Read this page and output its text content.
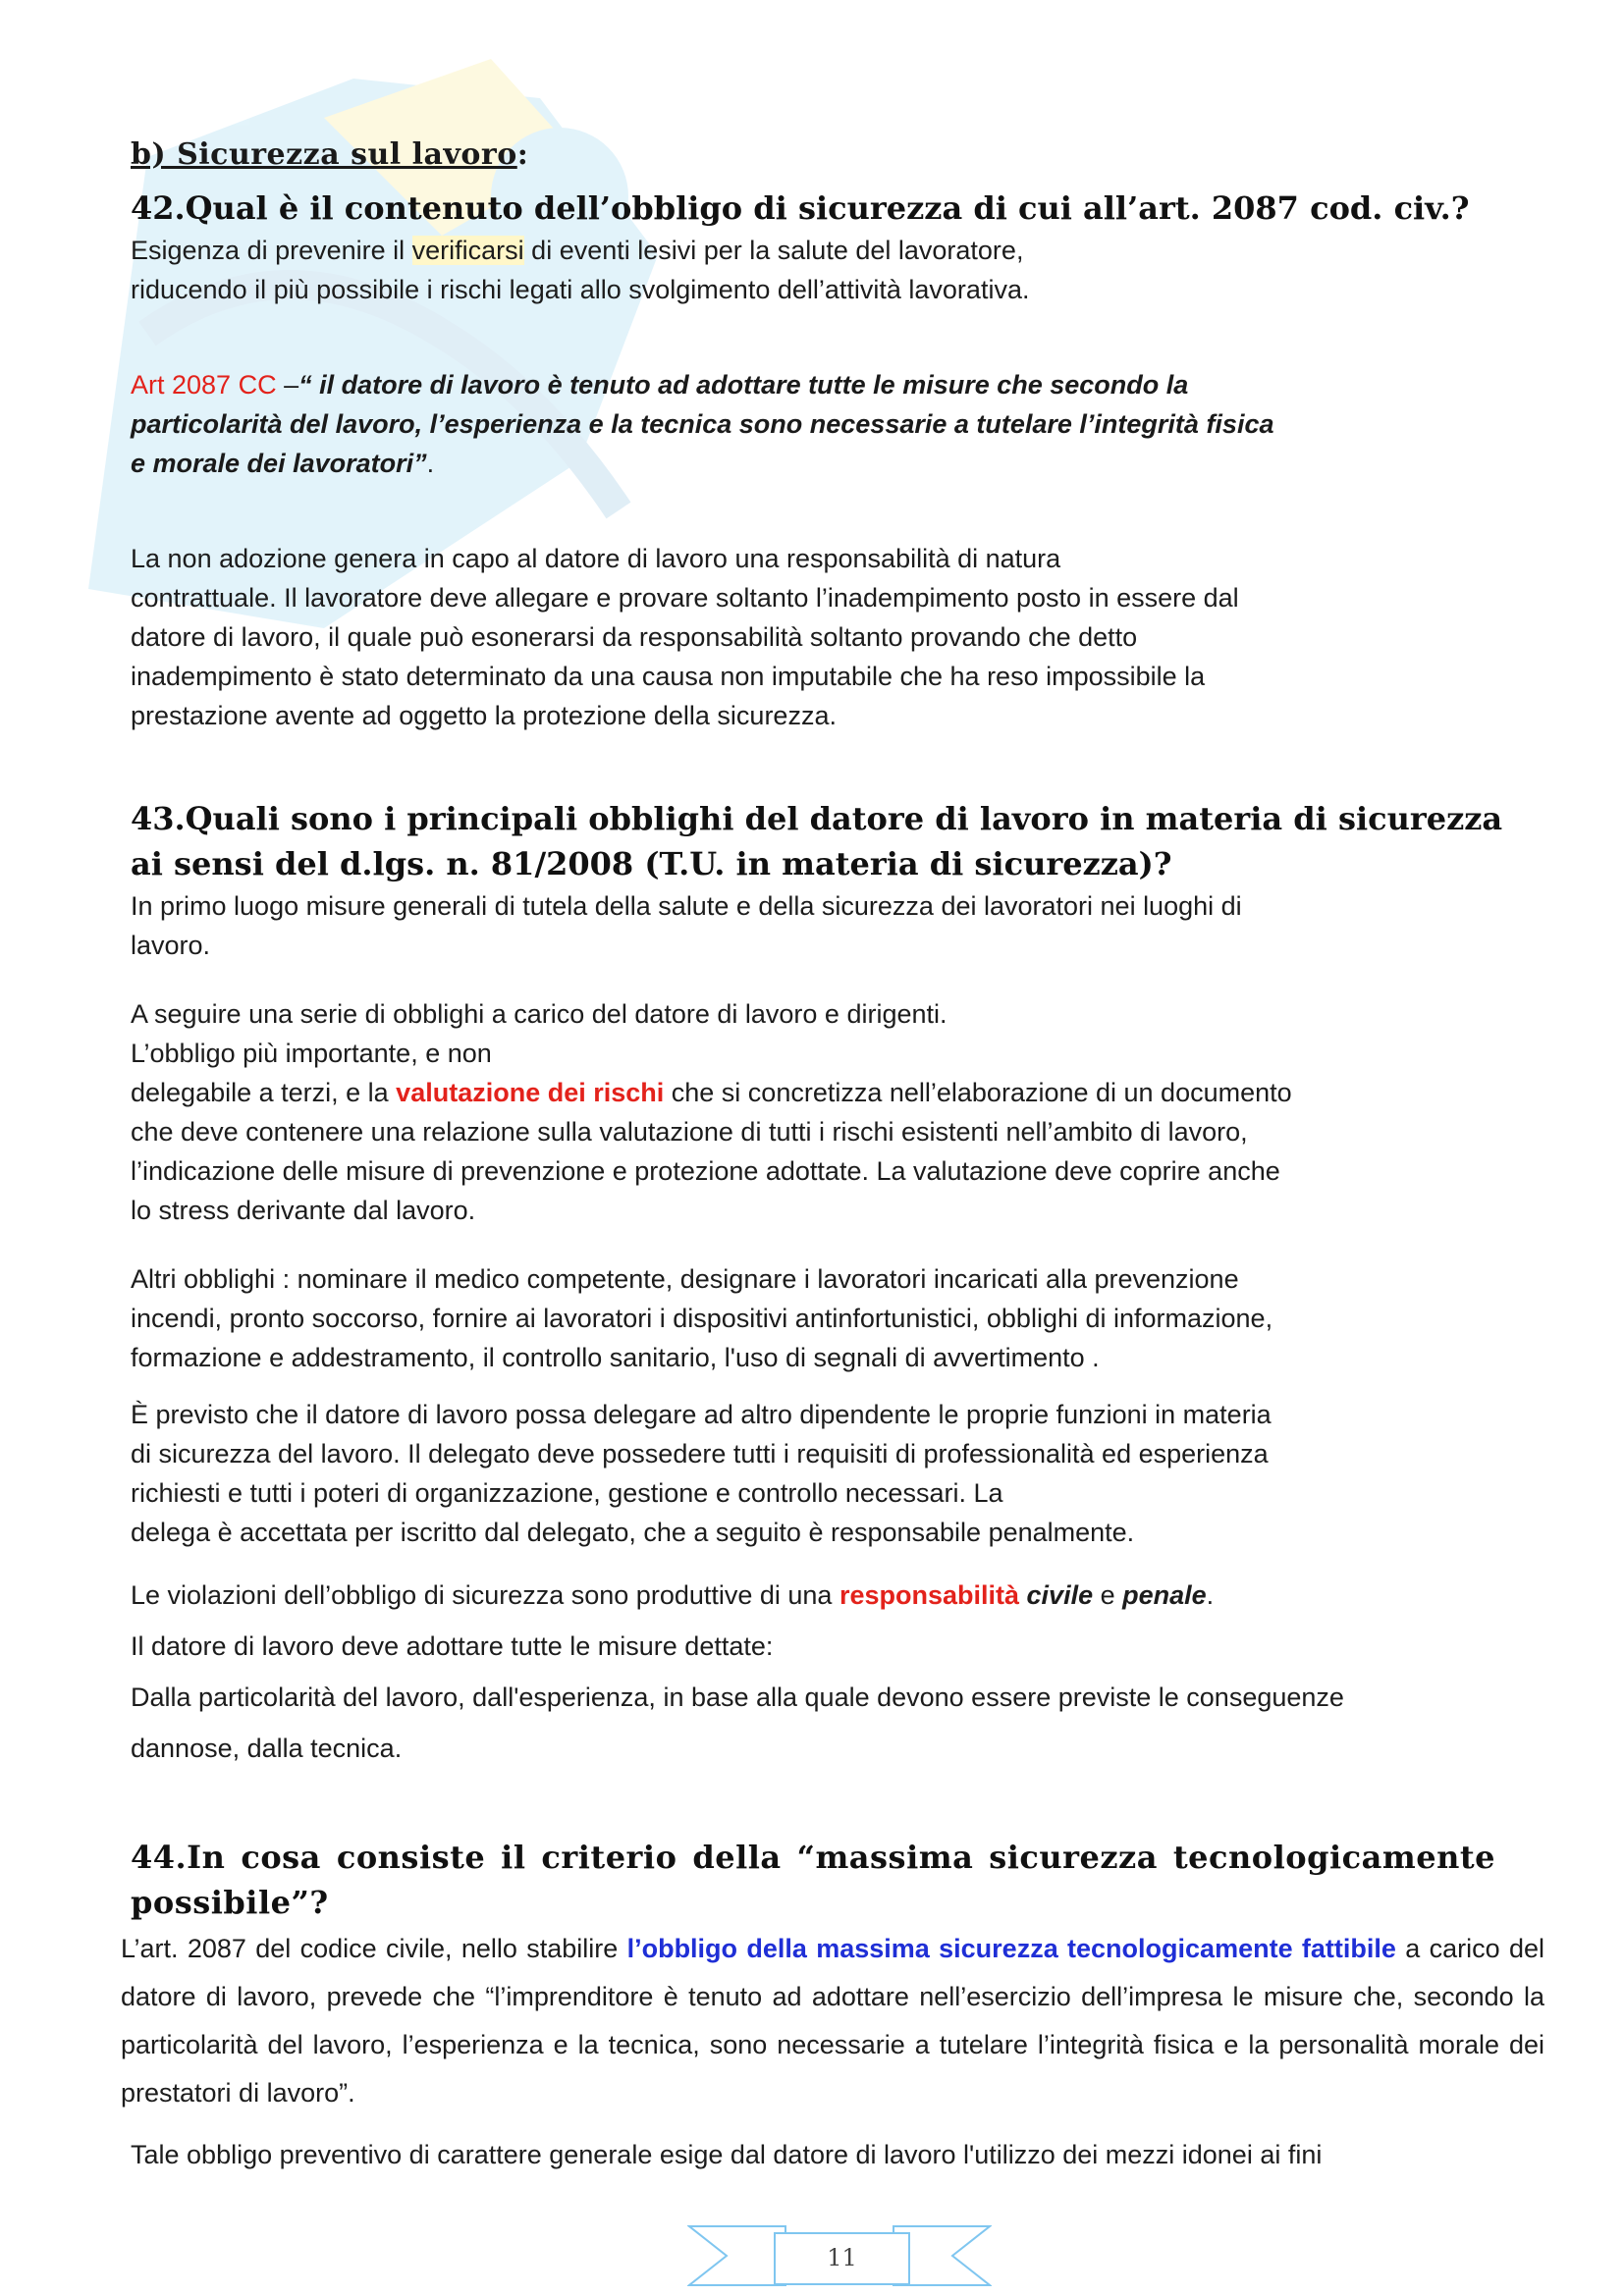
b) Sicurezza sul lavoro:

42.Qual è il contenuto dell’obbligo di sicurezza di cui all’art. 2087 cod. civ.?

Esigenza di prevenire il verificarsi di eventi lesivi per la salute del lavoratore,
riducendo il più possibile i rischi legati allo svolgimento dell’attività lavorativa.

Art 2087 CC –“ il datore di lavoro è tenuto ad adottare tutte le misure che secondo la
particolarità del lavoro, l’esperienza e la tecnica sono necessarie a tutelare l’integrità fisica
e morale dei lavoratori”.

La non adozione genera in capo al datore di lavoro una responsabilità di natura
contrattuale. Il lavoratore deve allegare e provare soltanto l’inadempimento posto in essere dal
datore di lavoro, il quale può esonerarsi da responsabilità soltanto provando che detto
inadempimento è stato determinato da una causa non imputabile che ha reso impossibile la
prestazione avente ad oggetto la protezione della sicurezza.

43.Quali sono i principali obblighi del datore di lavoro in materia di sicurezza
ai sensi del d.lgs. n. 81/2008 (T.U. in materia di sicurezza)?

In primo luogo misure generali di tutela della salute e della sicurezza dei lavoratori nei luoghi di
lavoro.

A seguire una serie di obblighi a carico del datore di lavoro e dirigenti.
L’obbligo più importante, e non
delegabile a terzi, e la valutazione dei rischi che si concretizza nell’elaborazione di un documento
che deve contenere una relazione sulla valutazione di tutti i rischi esistenti nell’ambito di lavoro,
l’indicazione delle misure di prevenzione e protezione adottate. La valutazione deve coprire anche
lo stress derivante dal lavoro.

Altri obblighi : nominare il medico competente, designare i lavoratori incaricati alla prevenzione
incendi, pronto soccorso, fornire ai lavoratori i dispositivi antinfortunistici, obblighi di informazione,
formazione e addestramento, il controllo sanitario, l'uso di segnali di avvertimento .

È previsto che il datore di lavoro possa delegare ad altro dipendente le proprie funzioni in materia
di sicurezza del lavoro. Il delegato deve possedere tutti i requisiti di professionalità ed esperienza
richiesti e tutti i poteri di organizzazione, gestione e controllo necessari. La
delega è accettata per iscritto dal delegato, che a seguito è responsabile penalmente.

Le violazioni dell’obbligo di sicurezza sono produttive di una responsabilità civile e penale.
Il datore di lavoro deve adottare tutte le misure dettate:
Dalla particolarità del lavoro, dall'esperienza, in base alla quale devono essere previste le conseguenze
dannose, dalla tecnica.

44.In cosa consiste il criterio della “massima sicurezza tecnologicamente possibile”?

L’art. 2087 del codice civile, nello stabilire l’obbligo della massima sicurezza tecnologicamente fattibile a carico del datore di lavoro, prevede che “l’imprenditore è tenuto ad adottare nell’esercizio dell’impresa le misure che, secondo la particolarità del lavoro, l’esperienza e la tecnica, sono necessarie a tutelare l’integrità fisica e la personalità morale dei prestatori di lavoro”.

Tale obbligo preventivo di carattere generale esige dal datore di lavoro l'utilizzo dei mezzi idonei ai fini

11
